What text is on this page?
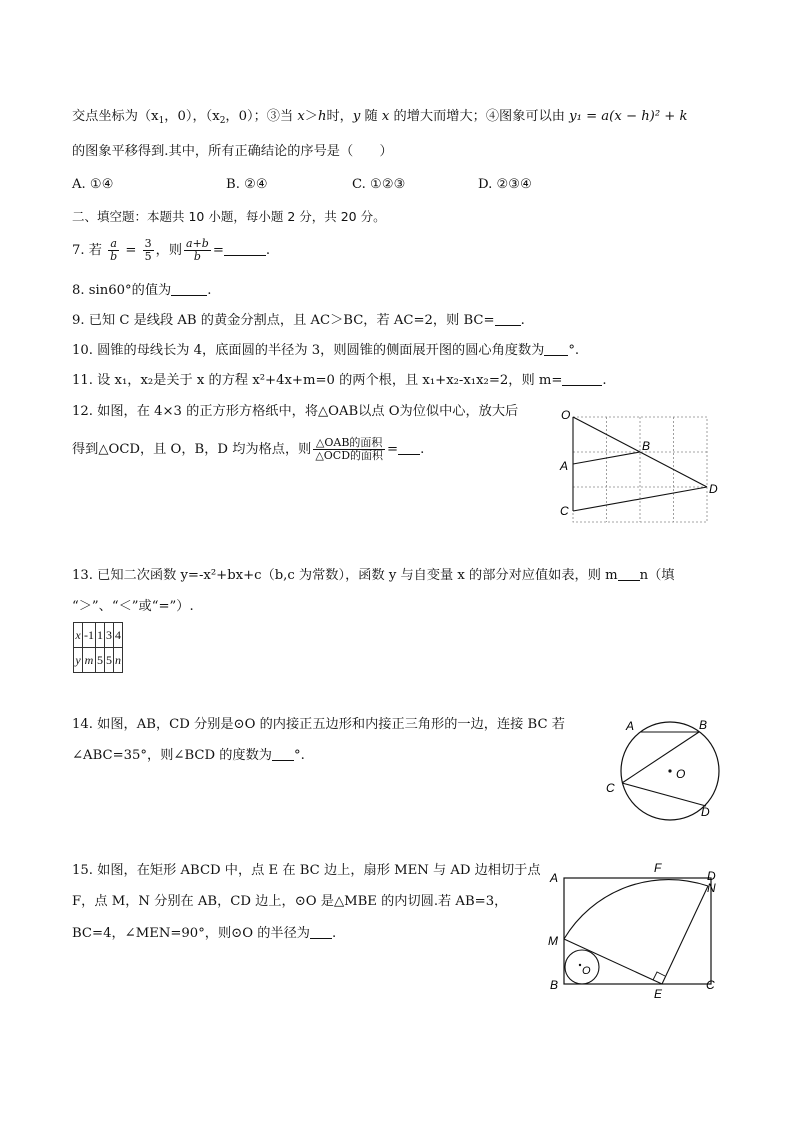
交点坐标为（$x_1$，0），（$x_2$，0）；③当 x＞h时，y 随 x 的增大而增大；④图象可以由 y₁ = a(x − h)² + k
的图象平移得到.其中，所有正确结论的序号是（　　）
A. ①④	B. ②④	C. ①②③	D. ②③④
二、填空题：本题共 10 小题，每小题 2 分，共 20 分。
7. 若 $\frac{a}{b} = \frac{3}{5}$ ，则 $\frac{a+b}{b}$ =	.
8. sin60°的值为	.
9. 已知 C 是线段 AB 的黄金分割点，且 AC＞BC，若 AC=2，则 BC= .
10. 圆锥的母线长为 4，底面圆的半径为 3，则圆锥的侧面展开图的圆心角度数为 °.
11. 设 x₁，x₂是关于 x 的方程 x²+4x+m=0 的两个根，且 x₁+x₂-x₁x₂=2，则 m=	.
12. 如图，在 4×3 的正方形方格纸中，将△OAB以点 O为位似中心，放大后
得到△OCD，且 O，B，D 均为格点，则 $\frac{\text{△OAB的面积}}{\text{△OCD的面积}}$ = .
O
A
B
C
D
13. 已知二次函数 y=-x²+bx+c（b,c 为常数），函数 y 与自变量 x 的部分对应值如表，则 m n（填
“＞”、“＜”或“=”）.
x	-1	1	3	4
y	m	5	5	n
14. 如图，AB，CD 分别是⊙O 的内接正五边形和内接正三角形的一边，连接 BC 若
∠ABC=35°，则∠BCD 的度数为 °.
A	B
C
D
O
15. 如图，在矩形 ABCD 中，点 E 在 BC 边上，扇形 MEN 与 AD 边相切于点
F，点 M，N 分别在 AB，CD 边上，⊙O 是△MBE 的内切圆.若 AB=3，
BC=4，∠MEN=90°，则⊙O 的半径为 .
A
B	C
D
N
F
M
E
O
